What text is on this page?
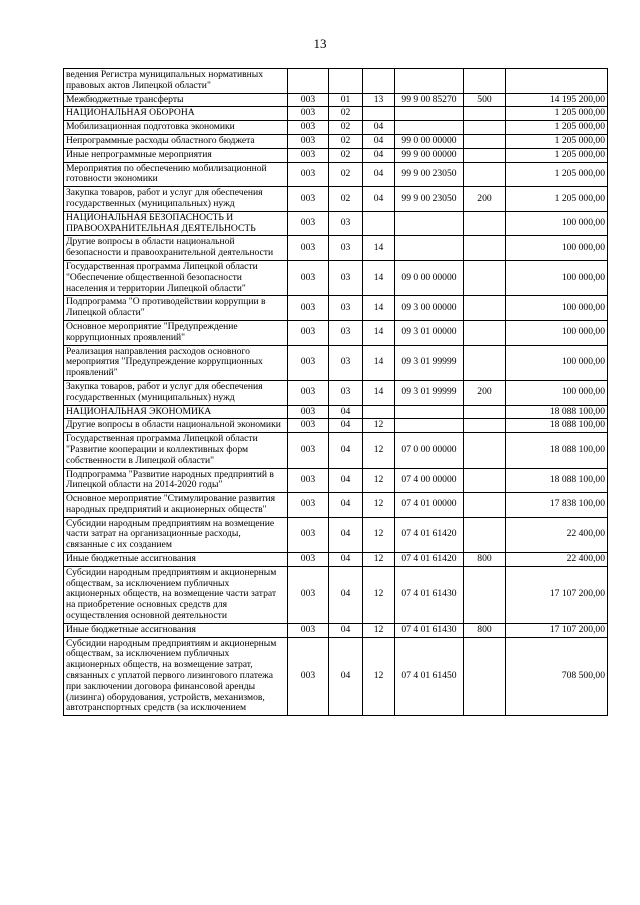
13
ведения Регистра муниципальных нормативных правовых актов Липецкой области"						
Межбюджетные трансферты	003	01	13	99 9 00 85270	500	14 195 200,00
НАЦИОНАЛЬНАЯ ОБОРОНА	003	02				1 205 000,00
Мобилизационная подготовка экономики	003	02	04			1 205 000,00
Непрограммные расходы областного бюджета	003	02	04	99 0 00 00000		1 205 000,00
Иные непрограммные мероприятия	003	02	04	99 9 00 00000		1 205 000,00
Мероприятия по обеспечению мобилизационной готовности экономики	003	02	04	99 9 00 23050		1 205 000,00
Закупка товаров, работ и услуг для обеспечения государственных (муниципальных) нужд	003	02	04	99 9 00 23050	200	1 205 000,00
НАЦИОНАЛЬНАЯ БЕЗОПАСНОСТЬ И ПРАВООХРАНИТЕЛЬНАЯ ДЕЯТЕЛЬНОСТЬ	003	03				100 000,00
Другие вопросы в области национальной безопасности и правоохранительной деятельности	003	03	14			100 000,00
Государственная программа Липецкой области "Обеспечение общественной безопасности населения и территории Липецкой области"	003	03	14	09 0 00 00000		100 000,00
Подпрограмма "О противодействии коррупции в Липецкой области"	003	03	14	09 3 00 00000		100 000,00
Основное мероприятие "Предупреждение коррупционных проявлений"	003	03	14	09 3 01 00000		100 000,00
Реализация направления расходов основного мероприятия "Предупреждение коррупционных проявлений"	003	03	14	09 3 01 99999		100 000,00
Закупка товаров, работ и услуг для обеспечения государственных (муниципальных) нужд	003	03	14	09 3 01 99999	200	100 000,00
НАЦИОНАЛЬНАЯ ЭКОНОМИКА	003	04				18 088 100,00
Другие вопросы в области национальной экономики	003	04	12			18 088 100,00
Государственная программа Липецкой области "Развитие кооперации и коллективных форм собственности в Липецкой области"	003	04	12	07 0 00 00000		18 088 100,00
Подпрограмма "Развитие народных предприятий в Липецкой области на 2014-2020 годы"	003	04	12	07 4 00 00000		18 088 100,00
Основное мероприятие "Стимулирование развития народных предприятий и акционерных обществ"	003	04	12	07 4 01 00000		17 838 100,00
Субсидии народным предприятиям на возмещение части затрат на организационные расходы, связанные с их созданием	003	04	12	07 4 01 61420		22 400,00
Иные бюджетные ассигнования	003	04	12	07 4 01 61420	800	22 400,00
Субсидии народным предприятиям и акционерным обществам, за исключением публичных акционерных обществ, на возмещение части затрат на приобретение основных средств для осуществления основной деятельности	003	04	12	07 4 01 61430		17 107 200,00
Иные бюджетные ассигнования	003	04	12	07 4 01 61430	800	17 107 200,00
Субсидии народным предприятиям и акционерным обществам, за исключением публичных акционерных обществ, на возмещение затрат, связанных с уплатой первого лизингового платежа при заключении договора финансовой аренды (лизинга) оборудования, устройств, механизмов, автотранспортных средств (за исключением	003	04	12	07 4 01 61450		708 500,00
